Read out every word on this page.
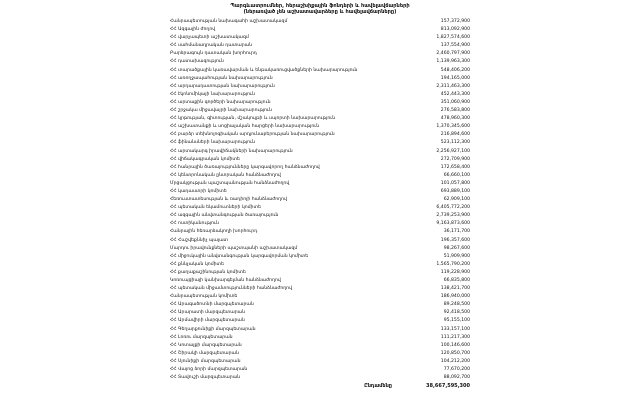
Պարգևատրումներ, հերաշխիքային ֆոնդերի և հավելավճարների
(ներառված չեն աշխատավարձերը և հավելավճարները)
Հանրապետության նախագահի աշխատակազմ	157,372,900
ՀՀ Ազգային ժողով	813,092,900
ՀՀ վարչապետի աշխատակազմ	1,827,574,600
ՀՀ սահմանադրական դատարան	137,554,900
Բարձրագույն դատական խորհուրդ	2,460,797,900
ՀՀ դատախազություն	1,139,963,300
ՀՀ տարածքային կառավարման և ենթակառուցվածքների նախարարություն	548,406,200
ՀՀ առողջապահության նախարարություն	194,165,000
ՀՀ արդարադատության նախարարություն	2,311,463,300
ՀՀ էկոնոմիկայի նախարարություն	452,443,300
ՀՀ արտաքին գործերի նախարարություն	351,060,900
ՀՀ շրջակա միջավայրի նախարարություն	276,583,800
ՀՀ կրթության, գիտության, մշակույթի և սպորտի նախարարություն	478,960,300
ՀՀ աշխատանքի և սոցիալական հարցերի նախարարություն	1,370,345,600
ՀՀ բարձր տեխնոլոգիական արդյունաբերության նախարարություն	216,894,600
ՀՀ ֆինանսների նախարարություն	523,112,300
ՀՀ արտակարգ իրավիճակների նախարարություն	2,256,927,100
ՀՀ վիճակագրական կոմիտե	272,709,900
ՀՀ հանրային ծառայությունները կարգավորող հանձնաժողով	172,658,400
ՀՀ կենտրոնական ընտրական հանձնաժողով	66,660,100
Մրցակցության պաշտպանության հանձնաժողով	101,057,800
ՀՀ կադաստրի կոմիտե	693,889,100
Հեռուստատեսության և ռադիոյի հանձնաժողով	62,909,100
ՀՀ պետական եկամուտների կոմիտե	6,405,772,200
ՀՀ ազգային անվտանգության ծառայություն	2,739,253,900
ՀՀ ոստիկանություն	9,163,873,600
Հանրային հեռարձակողի խորհուրդ	36,171,700
ՀՀ Հաշվեքննիչ պալատ	196,357,600
Մարդու իրավունքների պաշտպանի աշխատակազմ	98,267,600
ՀՀ միջուկային անվտանգության կարգավորման կոմիտե	51,909,900
ՀՀ քննչական կոմիտե	1,565,790,200
ՀՀ քաղաքաշինության կոմիտե	119,228,900
Կոռուպցիայի կանխարգելման հանձնաժողով	66,835,800
ՀՀ պետական միջամտությունների հանձնաժողով	138,421,700
Հանրապետության կոմիտե	186,940,000
ՀՀ Արագածոտնի մարզպետարան	89,248,500
ՀՀ Արարատի մարզպետարան	92,418,500
ՀՀ Արմավիրի մարզպետարան	95,155,100
ՀՀ Գեղարքունիքի մարզպետարան	133,157,100
ՀՀ Լոռու մարզպետարան	111,217,300
ՀՀ Կոտայքի մարզպետարան	100,146,600
ՀՀ Շիրակի մարզպետարան	120,850,700
ՀՀ Սյունիքի մարզպետարան	104,212,200
ՀՀ Վայոց ձորի մարզպետարան	77,670,200
ՀՀ Տավուշի մարզպետարան	88,092,700
Ընդամենը	38,667,595,300
